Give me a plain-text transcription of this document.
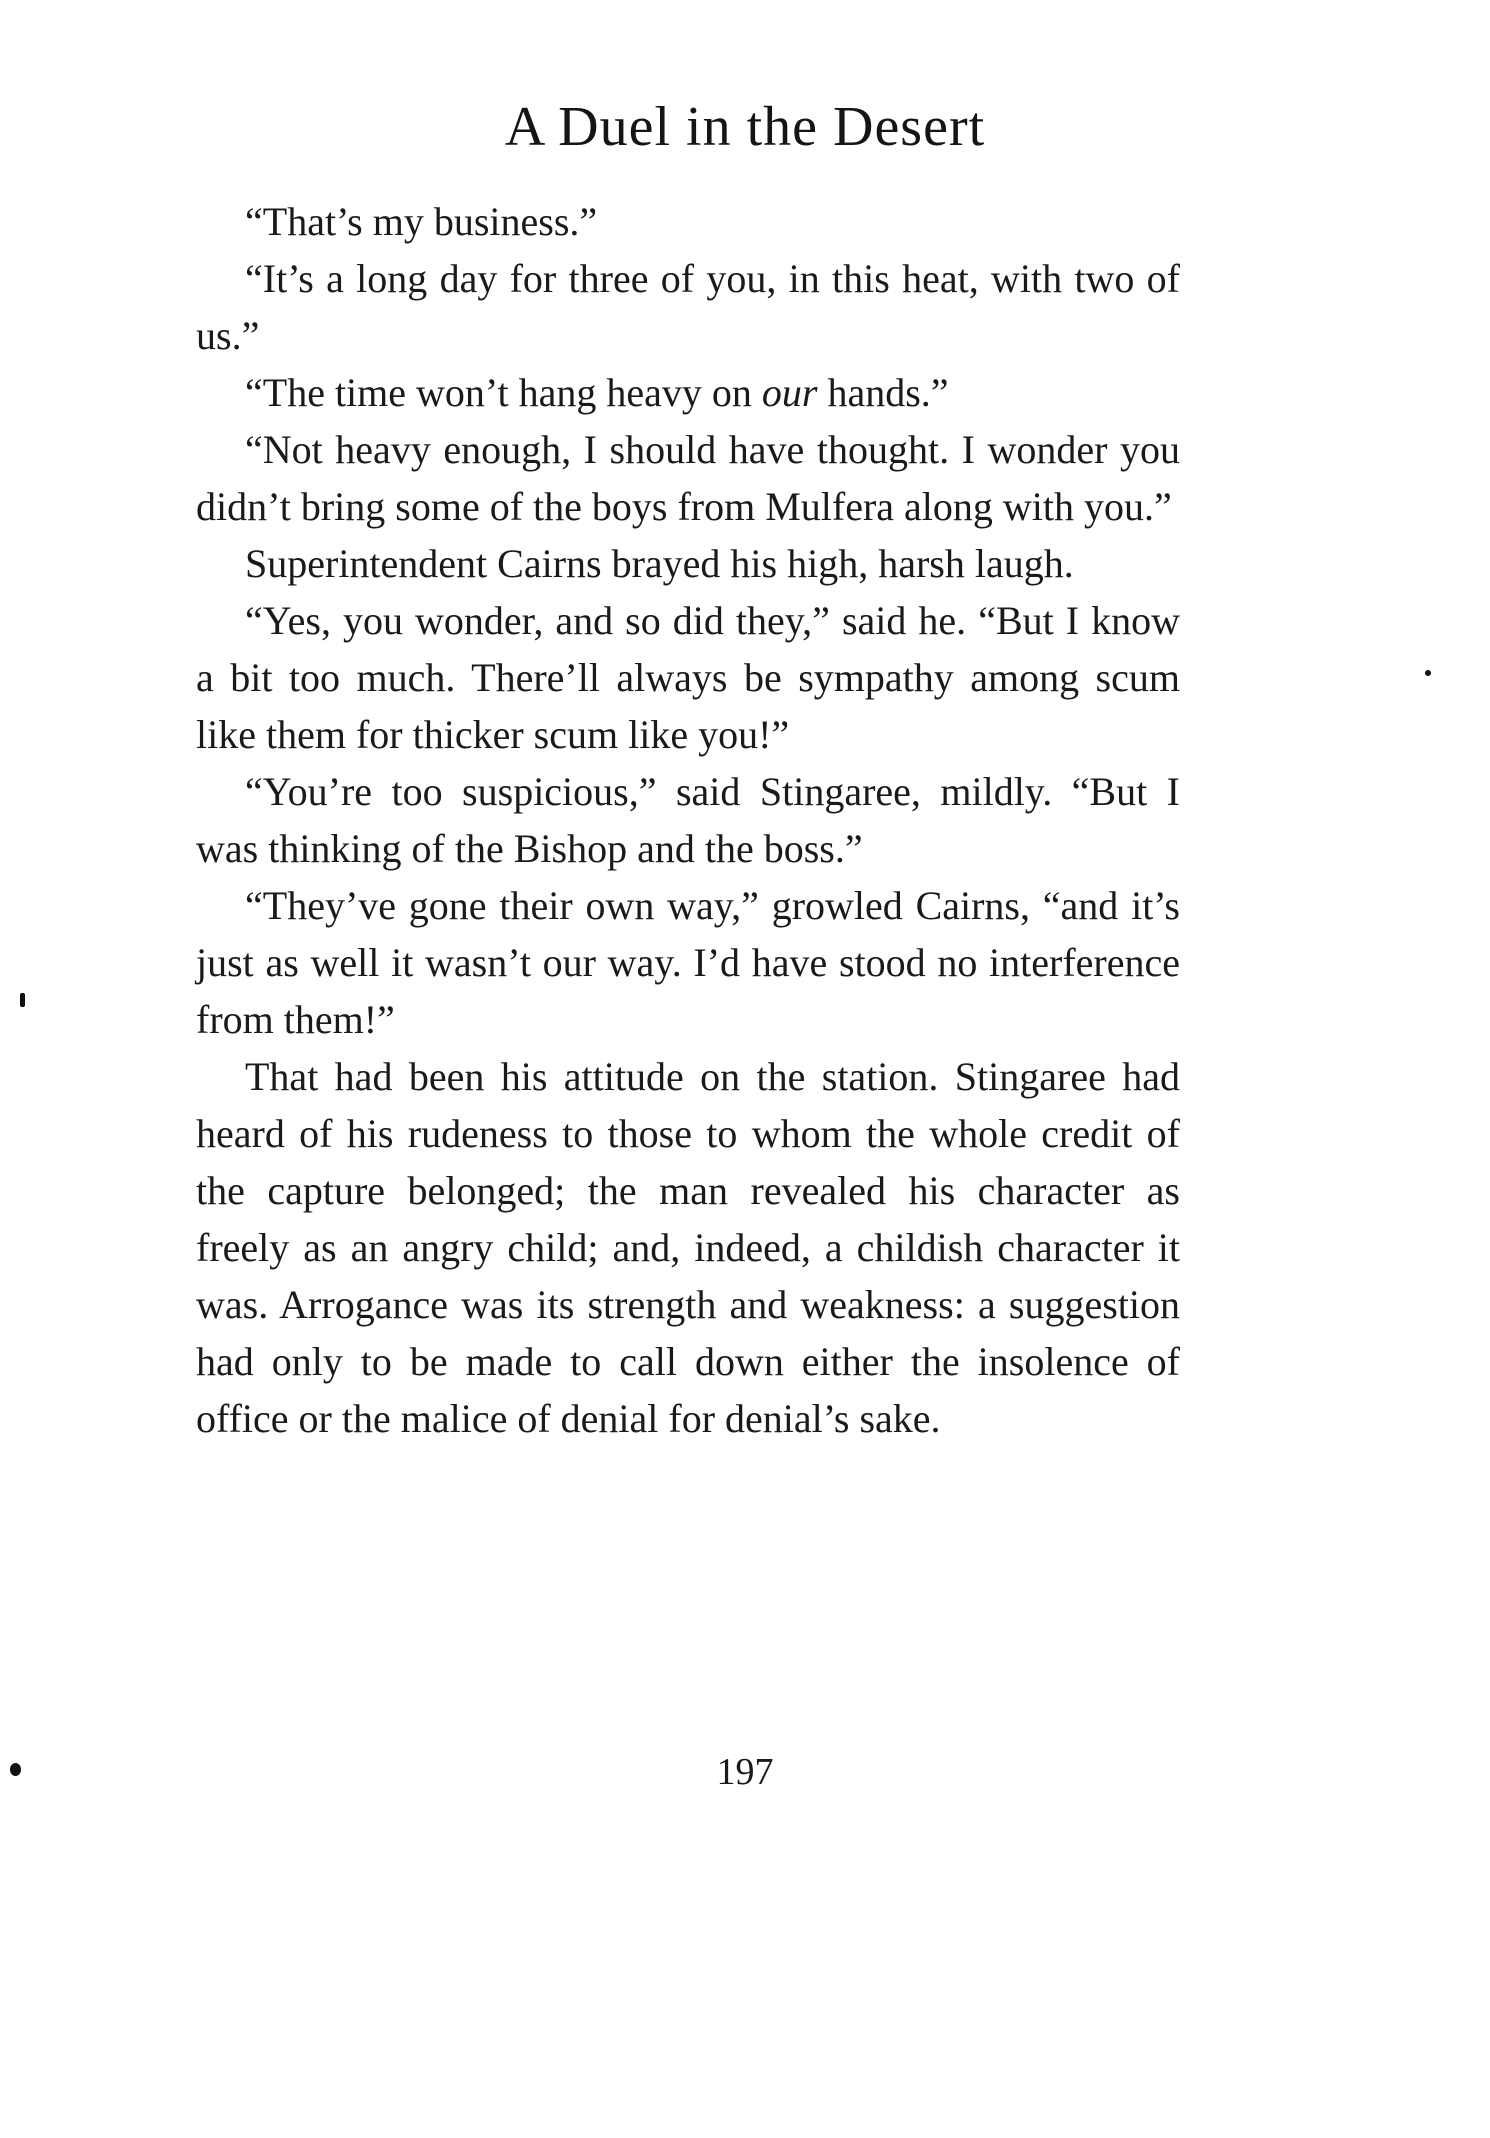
A Duel in the Desert

“That’s my business.”

“It’s a long day for three of you, in this heat, with two of us.”

“The time won’t hang heavy on our hands.”

“Not heavy enough, I should have thought. I wonder you didn’t bring some of the boys from Mulfera along with you.”

Superintendent Cairns brayed his high, harsh laugh.

“Yes, you wonder, and so did they,” said he. “But I know a bit too much. There’ll always be sympathy among scum like them for thicker scum like you!”

“You’re too suspicious,” said Stingaree, mildly. “But I was thinking of the Bishop and the boss.”

“They’ve gone their own way,” growled Cairns, “and it’s just as well it wasn’t our way. I’d have stood no interference from them!”

That had been his attitude on the station. Stingaree had heard of his rudeness to those to whom the whole credit of the capture belonged; the man revealed his character as freely as an angry child; and, indeed, a childish character it was. Arrogance was its strength and weakness: a suggestion had only to be made to call down either the insolence of office or the malice of denial for denial’s sake.

197
